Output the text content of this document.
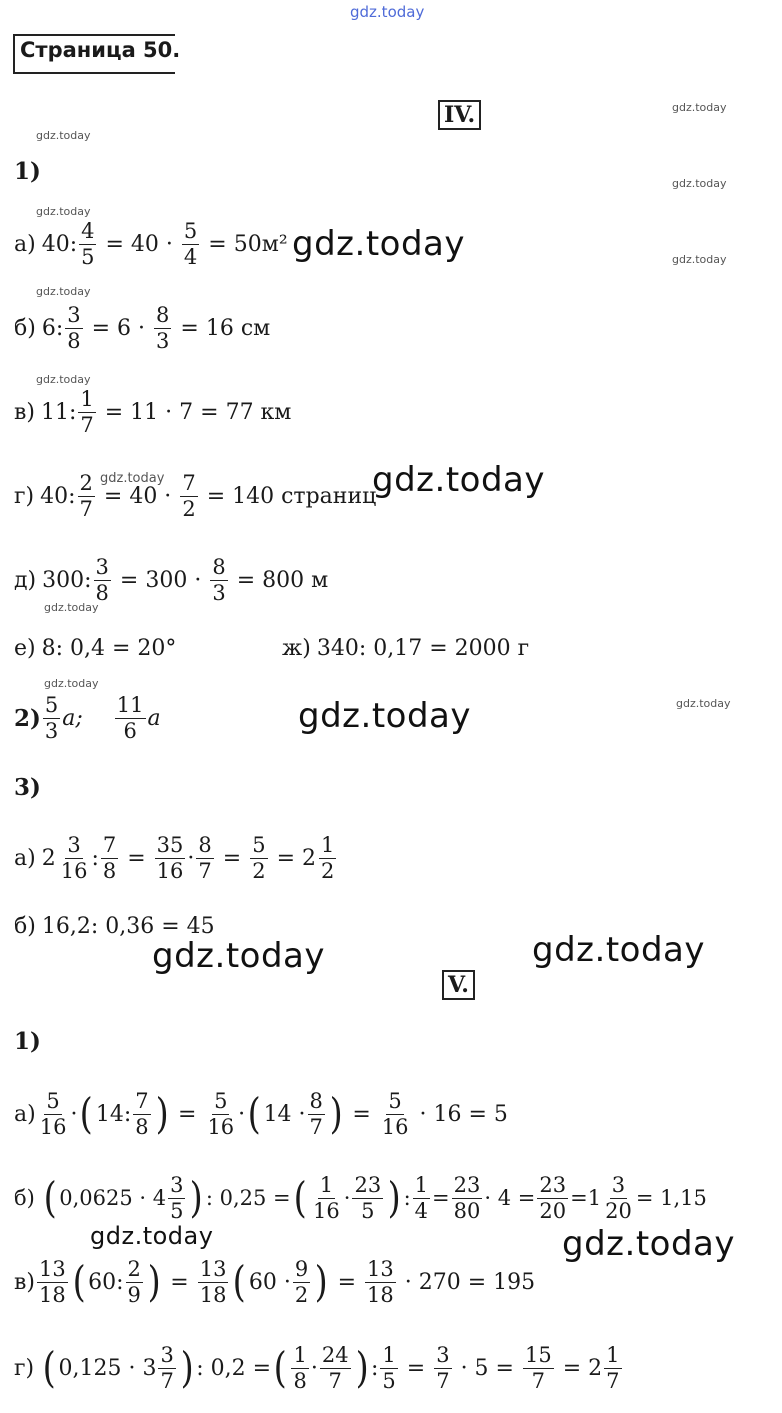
gdz.today
gdz.today
gdz.today
gdz.today
gdz.today
gdz.today
gdz.today
gdz.today
gdz.today
gdz.today
gdz.today
gdz.today
gdz.today
gdz.today
gdz.today
gdz.today	gdz.today
gdz.today	gdz.today
Страница 50.
IV.
1)
а) 40: $\frac{4}{5} = 40 \cdot \frac{5}{4} = 50м^2$
б) 6: $\frac{3}{8} = 6 \cdot \frac{8}{3} = 16$ см
в) 11: $\frac{1}{7} = 11 \cdot 7 = 77$ км
г) 40: $\frac{2}{7} = 40 \cdot \frac{7}{2} = 140$ страниц
д) 300: $\frac{3}{8} = 300 \cdot \frac{8}{3} = 800$ м
е) 8: 0,4 = 20°	ж) 340: 0,17 = 2000 г
$2) \frac{5}{3} a$; $\frac{11}{6}$ a
3)
а) $2 \frac{3}{16}$ : $\frac{7}{8} = \frac{35}{16} \cdot \frac{8}{7} = \frac{5}{2} = 2 \frac{1}{2}$
б) 16,2: 0,36 = 45
V.
1)
$а) \frac{5}{16}$ · ( 14: $\frac{7}{8}$ ) = $\frac{5}{16}$ · ( $14 \cdot \frac{8}{7}$ ) = $\frac{5}{16} \cdot 16 = 5$
б) ( $0,0625 \cdot 4 \frac{3}{5}$ ) : 0,25 = ( $\frac{1}{16} \cdot \frac{23}{5}$ ) : $\frac{1}{4} = \frac{23}{80} \cdot 4 = \frac{23}{20} = 1 \frac{3}{20} = 1,15$
$в) \frac{13}{18}$ ( 60: $\frac{2}{9}$ ) = $\frac{13}{18}$ ( $60 \cdot \frac{9}{2}$ ) = $\frac{13}{18} \cdot 270 = 195$
г) ( $0,125 \cdot 3 \frac{3}{7}$ ) : 0,2 = ( $\frac{1}{8} \cdot \frac{24}{7}$ ) : $\frac{1}{5} = \frac{3}{7} \cdot 5 = \frac{15}{7} = 2 \frac{1}{7}$
